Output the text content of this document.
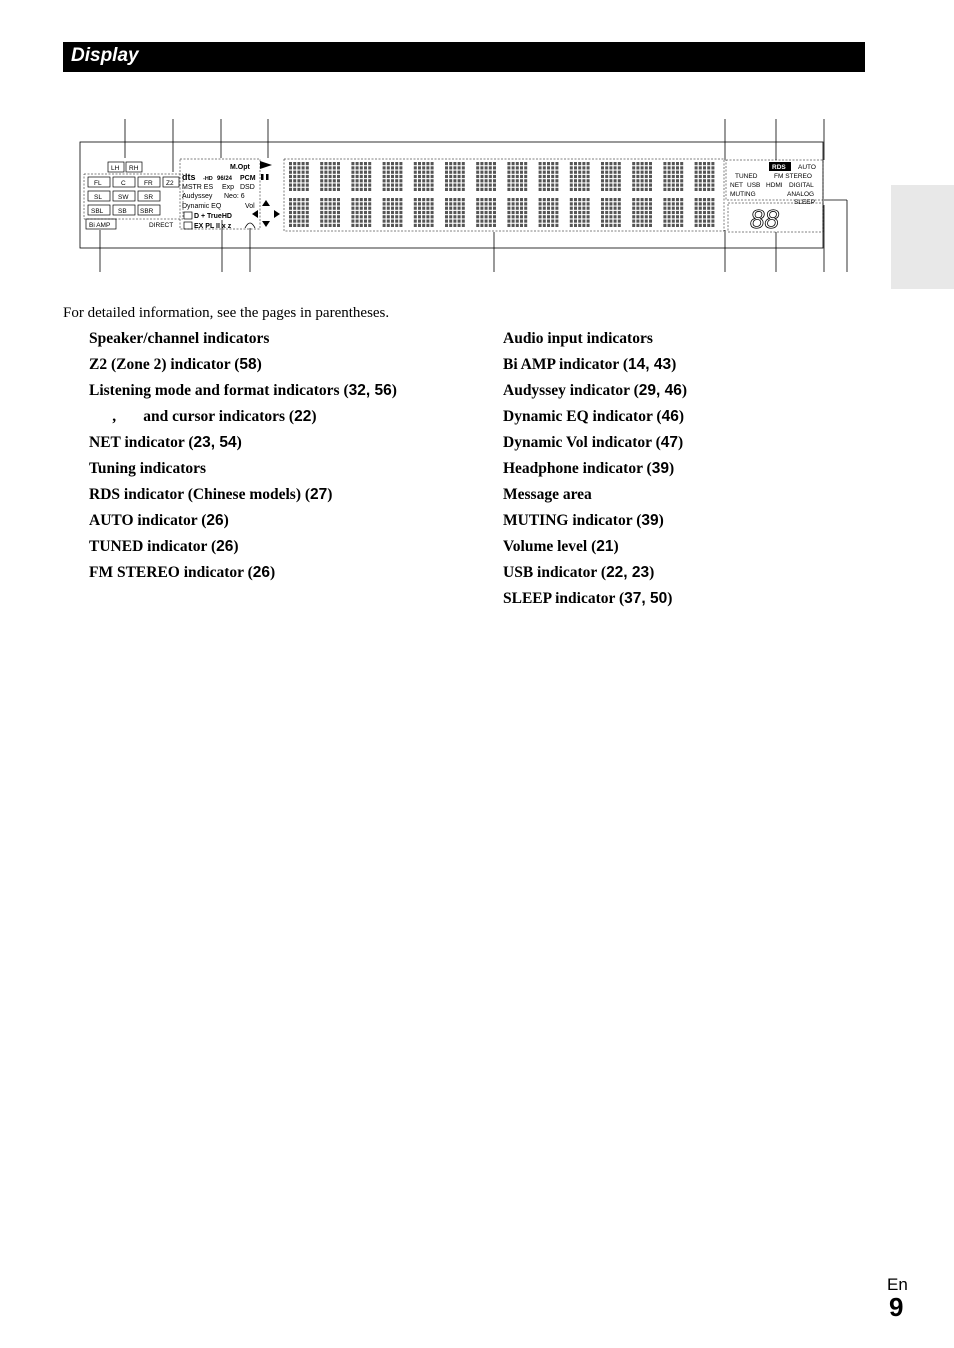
Display
LH RH
FL	C	FR Z2
SL SW SR
SBL SB SBR
Bi AMP	DIRECT
M.Opt
dts -HD 96/24 PCM
MSTR ES Exp DSD
Audyssey Neo: 6
Dynamic EQ	Vol
D + TrueHD
EX PL II x z
TUNED
RDS AUTO
FM STEREO
NET USB HDMI DIGITAL
MUTING	ANALOG
SLEEP
88
For detailed information, see the pages in parentheses.
Speaker/channel indicators
Z2 (Zone 2) indicator (58)
Listening mode and format indicators (32, 56)
,       and cursor indicators (22)
NET indicator (23, 54)
Tuning indicators
RDS indicator (Chinese models) (27)
AUTO indicator (26)
TUNED indicator (26)
FM STEREO indicator (26)
Audio input indicators
Bi AMP indicator (14, 43)
Audyssey indicator (29, 46)
Dynamic EQ indicator (46)
Dynamic Vol indicator (47)
Headphone indicator (39)
Message area
MUTING indicator (39)
Volume level (21)
USB indicator (22, 23)
SLEEP indicator (37, 50)
En
9
